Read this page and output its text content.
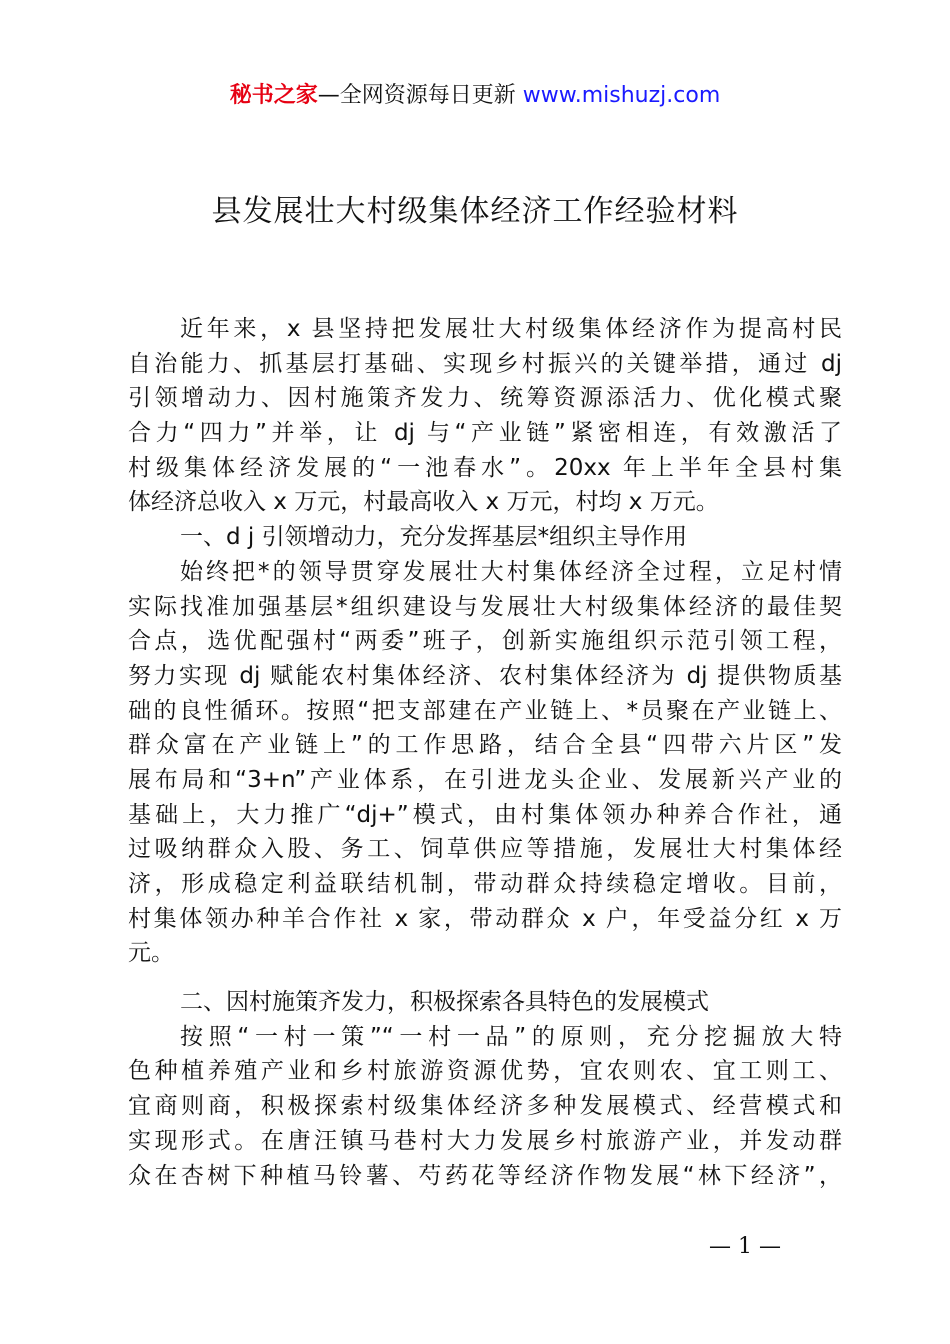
秘书之家—全网资源每日更新 www.mishuzj.com
县发展壮大村级集体经济工作经验材料
近年来，x 县坚持把发展壮大村级集体经济作为提高村民
自治能力、抓基层打基础、实现乡村振兴的关键举措，通过 dj
引领增动力、因村施策齐发力、统筹资源添活力、优化模式聚
合力“四力”并举，让 dj 与“产业链”紧密相连，有效激活了
村级集体经济发展的“一池春水”。20xx 年上半年全县村集
体经济总收入 x 万元，村最高收入 x 万元，村均 x 万元。
一、d j 引领增动力，充分发挥基层*组织主导作用
始终把*的领导贯穿发展壮大村集体经济全过程，立足村情
实际找准加强基层*组织建设与发展壮大村级集体经济的最佳契
合点，选优配强村“两委”班子，创新实施组织示范引领工程，
努力实现 dj 赋能农村集体经济、农村集体经济为 dj 提供物质基
础的良性循环。按照“把支部建在产业链上、*员聚在产业链上、
群众富在产业链上”的工作思路，结合全县“四带六片区”发
展布局和“3+n”产业体系，在引进龙头企业、发展新兴产业的
基础上，大力推广“dj+”模式，由村集体领办种养合作社，通
过吸纳群众入股、务工、饲草供应等措施，发展壮大村集体经
济，形成稳定利益联结机制，带动群众持续稳定增收。目前，
村集体领办种羊合作社 x 家，带动群众 x 户，年受益分红 x 万
元。
二、因村施策齐发力，积极探索各具特色的发展模式
按照“一村一策”“一村一品”的原则，充分挖掘放大特
色种植养殖产业和乡村旅游资源优势，宜农则农、宜工则工、
宜商则商，积极探索村级集体经济多种发展模式、经营模式和
实现形式。在唐汪镇马巷村大力发展乡村旅游产业，并发动群
众在杏树下种植马铃薯、芍药花等经济作物发展“林下经济”，
— 1 —
